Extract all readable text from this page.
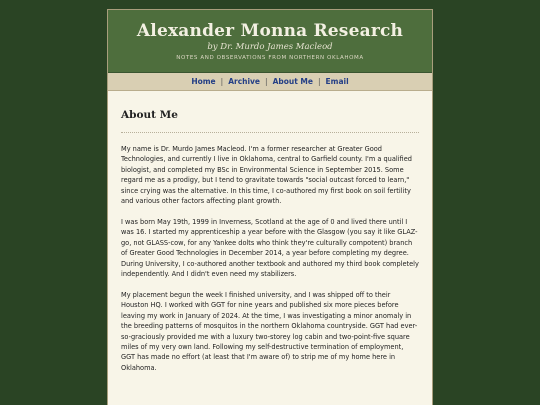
Alexander Monna Research
by Dr. Murdo James Macleod
NOTES AND OBSERVATIONS FROM NORTHERN OKLAHOMA
Home | Archive | About Me | Email
About Me

My name is Dr. Murdo James Macleod. I'm a former researcher at Greater Good Technologies, and currently I live in Oklahoma, central to Garfield county. I'm a qualified biologist, and completed my BSc in Environmental Science in September 2015. Some regard me as a prodigy, but I tend to gravitate towards "social outcast forced to learn," since crying was the alternative. In this time, I co-authored my first book on soil fertility and various other factors affecting plant growth.

I was born May 19th, 1999 in Inverness, Scotland at the age of 0 and lived there until I was 16. I started my apprenticeship a year before with the Glasgow (you say it like GLAZ-go, not GLASS-cow, for any Yankee dolts who think they're culturally compotent) branch of Greater Good Technologies in December 2014, a year before completing my degree. During University, I co-authored another textbook and authored my third book completely independently. And I didn't even need my stabilizers.

My placement begun the week I finished university, and I was shipped off to their Houston HQ. I worked with GGT for nine years and published six more pieces before leaving my work in January of 2024. At the time, I was investigating a minor anomaly in the breeding patterns of mosquitos in the northern Oklahoma countryside. GGT had ever-so-graciously provided me with a luxury two-storey log cabin and two-point-five square miles of my very own land. Following my self-destructive termination of employment, GGT has made no effort (at least that I'm aware of) to strip me of my home here in Oklahoma.
